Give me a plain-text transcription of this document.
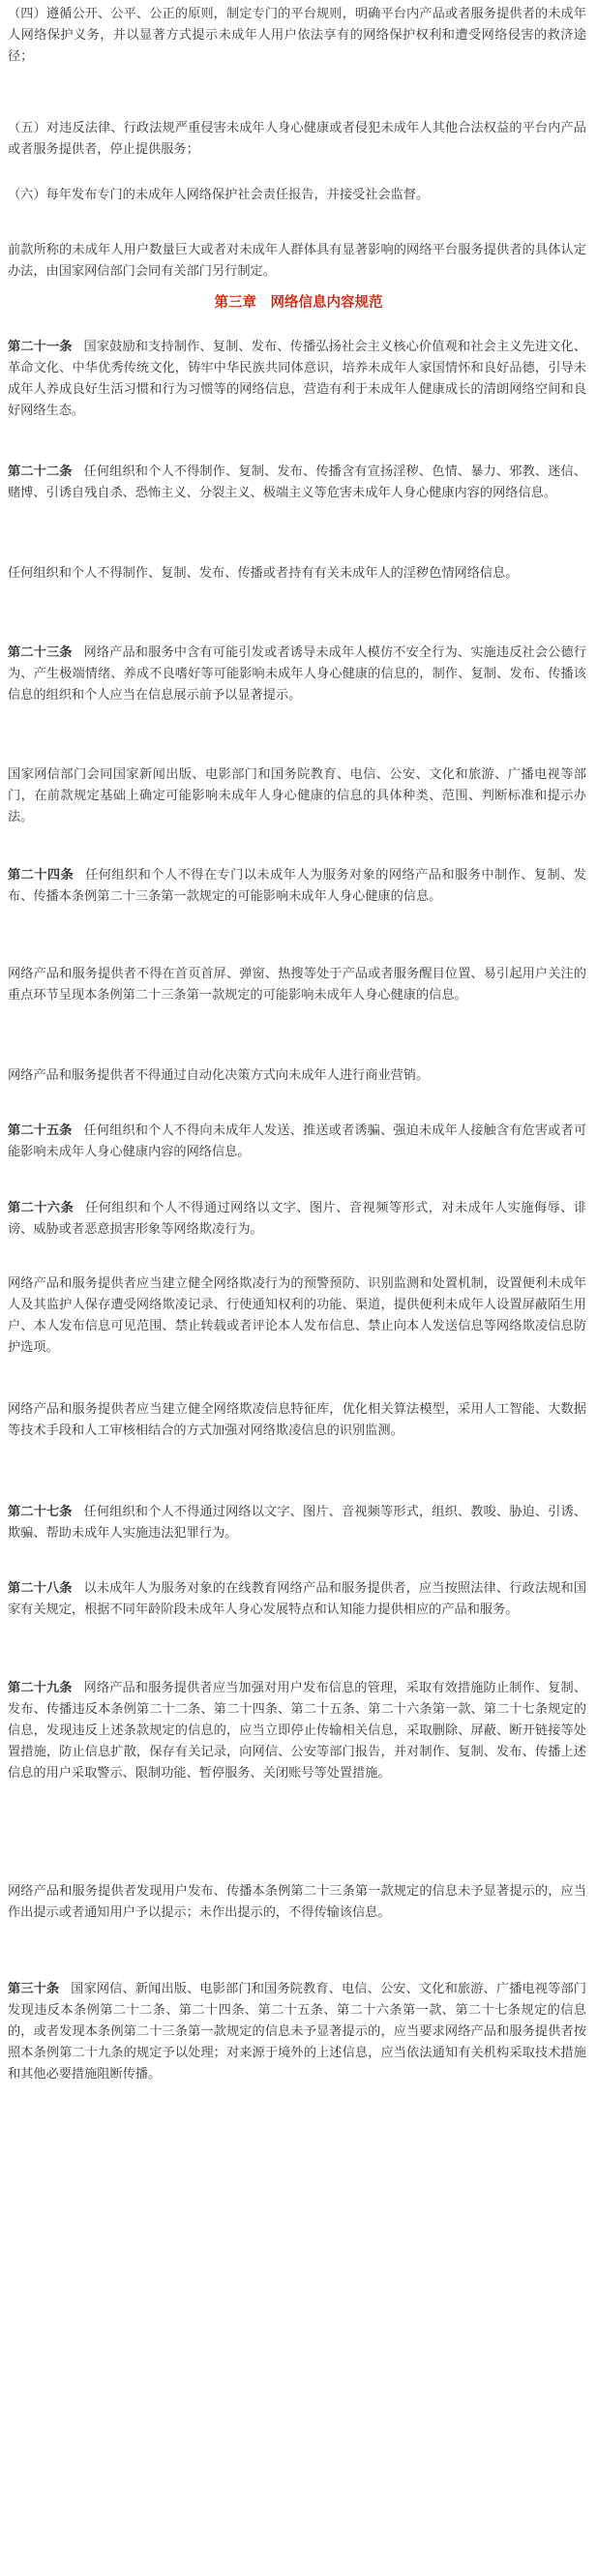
（四）遵循公开、公平、公正的原则，制定专门的平台规则，明确平台内产品或者服务提供者的未成年人网络保护义务，并以显著方式提示未成年人用户依法享有的网络保护权利和遭受网络侵害的救济途径；

（五）对违反法律、行政法规严重侵害未成年人身心健康或者侵犯未成年人其他合法权益的平台内产品或者服务提供者，停止提供服务；

（六）每年发布专门的未成年人网络保护社会责任报告，并接受社会监督。

前款所称的未成年人用户数量巨大或者对未成年人群体具有显著影响的网络平台服务提供者的具体认定办法，由国家网信部门会同有关部门另行制定。

第三章　网络信息内容规范

第二十一条 国家鼓励和支持制作、复制、发布、传播弘扬社会主义核心价值观和社会主义先进文化、革命文化、中华优秀传统文化，铸牢中华民族共同体意识，培养未成年人家国情怀和良好品德，引导未成年人养成良好生活习惯和行为习惯等的网络信息，营造有利于未成年人健康成长的清朗网络空间和良好网络生态。

第二十二条 任何组织和个人不得制作、复制、发布、传播含有宣扬淫秽、色情、暴力、邪教、迷信、赌博、引诱自残自杀、恐怖主义、分裂主义、极端主义等危害未成年人身心健康内容的网络信息。

任何组织和个人不得制作、复制、发布、传播或者持有有关未成年人的淫秽色情网络信息。

第二十三条 网络产品和服务中含有可能引发或者诱导未成年人模仿不安全行为、实施违反社会公德行为、产生极端情绪、养成不良嗜好等可能影响未成年人身心健康的信息的，制作、复制、发布、传播该信息的组织和个人应当在信息展示前予以显著提示。

国家网信部门会同国家新闻出版、电影部门和国务院教育、电信、公安、文化和旅游、广播电视等部门，在前款规定基础上确定可能影响未成年人身心健康的信息的具体种类、范围、判断标准和提示办法。

第二十四条 任何组织和个人不得在专门以未成年人为服务对象的网络产品和服务中制作、复制、发布、传播本条例第二十三条第一款规定的可能影响未成年人身心健康的信息。

网络产品和服务提供者不得在首页首屏、弹窗、热搜等处于产品或者服务醒目位置、易引起用户关注的重点环节呈现本条例第二十三条第一款规定的可能影响未成年人身心健康的信息。

网络产品和服务提供者不得通过自动化决策方式向未成年人进行商业营销。

第二十五条 任何组织和个人不得向未成年人发送、推送或者诱骗、强迫未成年人接触含有危害或者可能影响未成年人身心健康内容的网络信息。

第二十六条 任何组织和个人不得通过网络以文字、图片、音视频等形式，对未成年人实施侮辱、诽谤、威胁或者恶意损害形象等网络欺凌行为。

网络产品和服务提供者应当建立健全网络欺凌行为的预警预防、识别监测和处置机制，设置便利未成年人及其监护人保存遭受网络欺凌记录、行使通知权利的功能、渠道，提供便利未成年人设置屏蔽陌生用户、本人发布信息可见范围、禁止转载或者评论本人发布信息、禁止向本人发送信息等网络欺凌信息防护选项。

网络产品和服务提供者应当建立健全网络欺凌信息特征库，优化相关算法模型，采用人工智能、大数据等技术手段和人工审核相结合的方式加强对网络欺凌信息的识别监测。

第二十七条 任何组织和个人不得通过网络以文字、图片、音视频等形式，组织、教唆、胁迫、引诱、欺骗、帮助未成年人实施违法犯罪行为。

第二十八条 以未成年人为服务对象的在线教育网络产品和服务提供者，应当按照法律、行政法规和国家有关规定，根据不同年龄阶段未成年人身心发展特点和认知能力提供相应的产品和服务。

第二十九条 网络产品和服务提供者应当加强对用户发布信息的管理，采取有效措施防止制作、复制、发布、传播违反本条例第二十二条、第二十四条、第二十五条、第二十六条第一款、第二十七条规定的信息，发现违反上述条款规定的信息的，应当立即停止传输相关信息，采取删除、屏蔽、断开链接等处置措施，防止信息扩散，保存有关记录，向网信、公安等部门报告，并对制作、复制、发布、传播上述信息的用户采取警示、限制功能、暂停服务、关闭账号等处置措施。

网络产品和服务提供者发现用户发布、传播本条例第二十三条第一款规定的信息未予显著提示的，应当作出提示或者通知用户予以提示；未作出提示的，不得传输该信息。

第三十条 国家网信、新闻出版、电影部门和国务院教育、电信、公安、文化和旅游、广播电视等部门发现违反本条例第二十二条、第二十四条、第二十五条、第二十六条第一款、第二十七条规定的信息的，或者发现本条例第二十三条第一款规定的信息未予显著提示的，应当要求网络产品和服务提供者按照本条例第二十九条的规定予以处理；对来源于境外的上述信息，应当依法通知有关机构采取技术措施和其他必要措施阻断传播。
